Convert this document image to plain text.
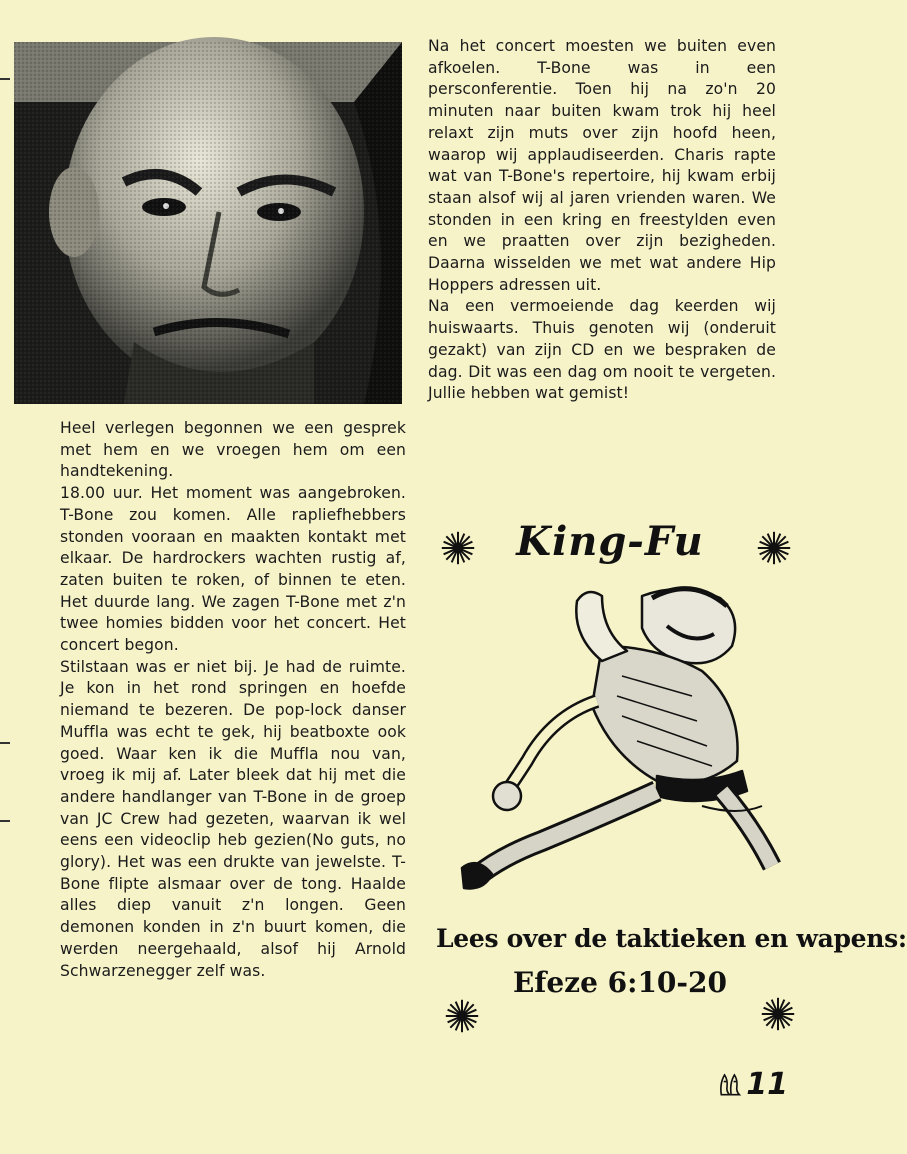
Heel verlegen begonnen we een gesprek met hem en we vroegen hem om een handtekening.

18.00 uur. Het moment was aangebroken. T-Bone zou komen. Alle rapliefhebbers stonden vooraan en maakten kontakt met elkaar. De hardrockers wachten rustig af, zaten buiten te roken, of binnen te eten. Het duurde lang. We zagen T-Bone met z'n twee homies bidden voor het concert. Het concert begon.

Stilstaan was er niet bij. Je had de ruimte. Je kon in het rond springen en hoefde niemand te bezeren. De pop-lock danser Muffla was echt te gek, hij beatboxte ook goed. Waar ken ik die Muffla nou van, vroeg ik mij af. Later bleek dat hij met die andere handlanger van T-Bone in de groep van JC Crew had gezeten, waarvan ik wel eens een videoclip heb gezien(No guts, no glory). Het was een drukte van jewelste. T-Bone flipte alsmaar over de tong. Haalde alles diep vanuit z'n longen. Geen demonen konden in z'n buurt komen, die werden neergehaald, alsof hij Arnold Schwarzenegger zelf was.

Na het concert moesten we buiten even afkoelen. T-Bone was in een persconferentie. Toen hij na zo'n 20 minuten naar buiten kwam trok hij heel relaxt zijn muts over zijn hoofd heen, waarop wij applaudiseerden. Charis rapte wat van T-Bone's repertoire, hij kwam erbij staan alsof wij al jaren vrienden waren. We stonden in een kring en freestylden even en we praatten over zijn bezigheden. Daarna wisselden we met wat andere Hip Hoppers adressen uit.

Na een vermoeiende dag keerden wij huiswaarts. Thuis genoten wij (onderuit gezakt) van zijn CD en we bespraken de dag. Dit was een dag om nooit te vergeten. Jullie hebben wat gemist!

King-Fu
Lees over de taktieken en wapens:
Efeze 6:10-20
11
